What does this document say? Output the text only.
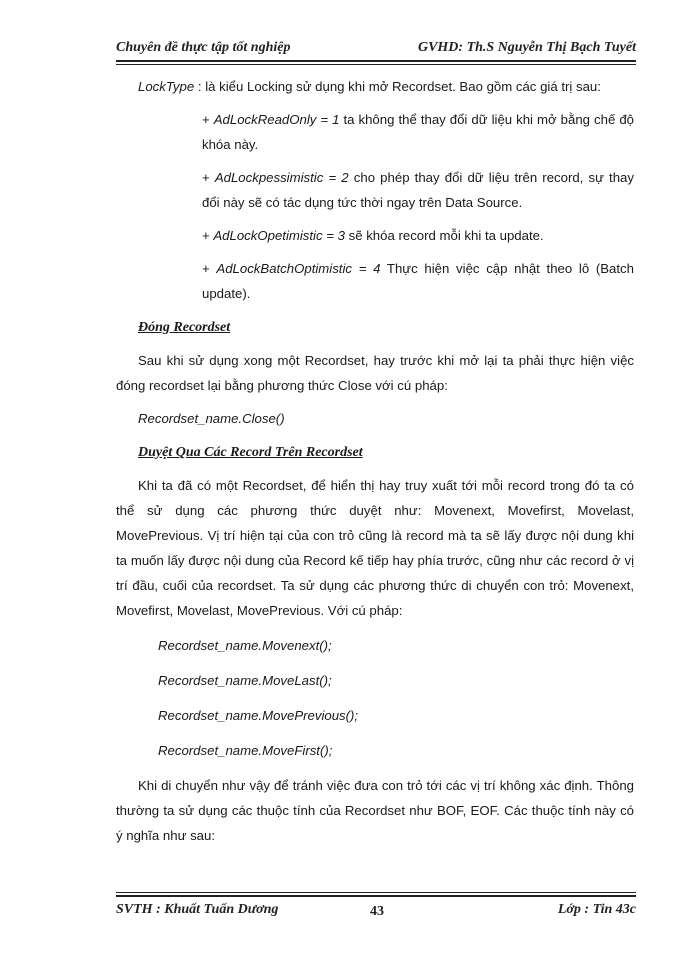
Chuyên đề thực tập tốt nghiệp	GVHD: Th.S Nguyễn Thị Bạch Tuyết

LockType : là kiểu Locking sử dụng khi mở Recordset. Bao gồm các giá trị sau:

+ AdLockReadOnly = 1 ta không thể thay đổi dữ liệu khi mở bằng chế độ khóa này.

+ AdLockpessimistic = 2 cho phép thay đổi dữ liệu trên record, sự thay đổi này sẽ có tác dụng tức thời ngay trên Data Source.

+ AdLockOpetimistic = 3 sẽ khóa record mỗi khi ta update.

+ AdLockBatchOptimistic = 4 Thực hiện việc cập nhật theo lô (Batch update).

Đóng Recordset

Sau khi sử dụng xong một Recordset, hay trước khi mở lại ta phải thực hiện việc đóng recordset lại bằng phương thức Close với cú pháp:

Recordset_name.Close()

Duyệt Qua Các Record Trên Recordset

Khi ta đã có một Recordset, để hiển thị hay truy xuất tới mỗi record trong đó ta có thể sử dụng các phương thức duyệt như: Movenext, Movefirst, Movelast, MovePrevious. Vị trí hiện tại của con trỏ cũng là record mà ta sẽ lấy được nội dung khi ta muốn lấy được nội dung của Record kế tiếp hay phía trước, cũng như các record ở vị trí đầu, cuối của recordset. Ta sử dụng các phương thức di chuyển con trỏ: Movenext, Movefirst, Movelast, MovePrevious. Với cú pháp:

Recordset_name.Movenext();

Recordset_name.MoveLast();

Recordset_name.MovePrevious();

Recordset_name.MoveFirst();

Khi di chuyển như vậy để tránh việc đưa con trỏ tới các vị trí không xác định. Thông thường ta sử dụng các thuộc tính của Recordset như BOF, EOF. Các thuộc tính này có ý nghĩa như sau:

SVTH : Khuất Tuấn Dương	43	Lớp : Tin 43c
